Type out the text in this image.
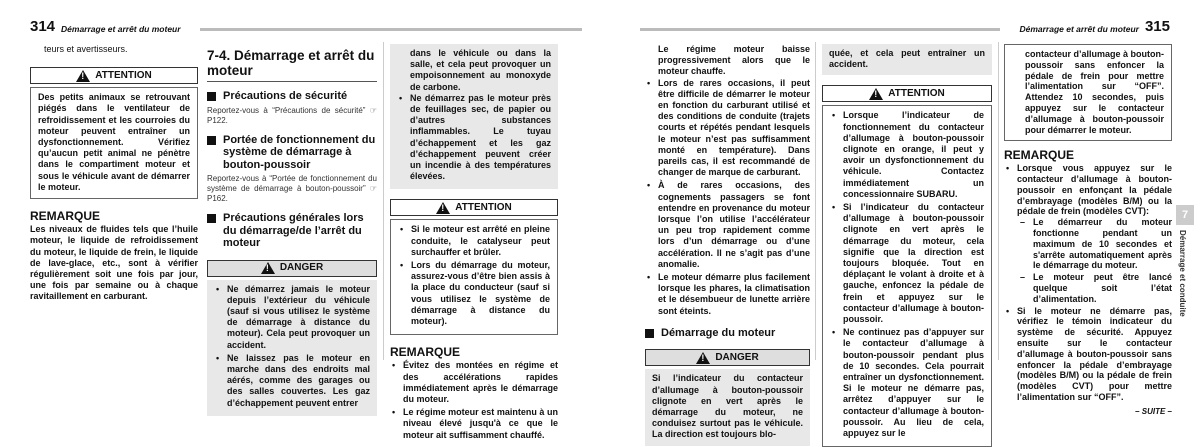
314 Démarrage et arrêt du moteur	Démarrage et arrêt du moteur 315
teurs et avertisseurs.
!
ATTENTION
Des petits animaux se retrouvant piégés dans le ventilateur de refroidissement et les courroies du moteur peuvent entraîner un dysfonctionnement. Vérifiez qu’aucun petit animal ne pénètre dans le compartiment moteur et sous le véhicule avant de démarrer le moteur.
REMARQUE
Les niveaux de fluides tels que l’huile moteur, le liquide de refroidissement du moteur, le liquide de frein, le liquide de lave-glace, etc., sont à vérifier régulièrement soit une fois par jour, une fois par semaine ou à chaque ravitaillement en carburant.
7-4. Démarrage et arrêt du moteur
Précautions de sécurité
Reportez-vous à “Précautions de sécurité” ☞P122.
Portée de fonctionnement du système de démarrage à bouton-poussoir
Reportez-vous à “Portée de fonctionnement du système de démarrage à bouton-poussoir” ☞P162.
Précautions générales lors du démarrage/de l’arrêt du moteur
!
DANGER
• Ne démarrez jamais le moteur depuis l’extérieur du véhicule (sauf si vous utilisez le système de démarrage à distance du moteur). Cela peut provoquer un accident.
• Ne laissez pas le moteur en marche dans des endroits mal aérés, comme des garages ou des salles couvertes. Les gaz d’échappement peuvent entrer
dans le véhicule ou dans la salle, et cela peut provoquer un empoisonnement au monoxyde de carbone.
• Ne démarrez pas le moteur près de feuillages sec, de papier ou d’autres substances inflammables. Le tuyau d’échappement et les gaz d’échappement peuvent créer un incendie à des températures élevées.
!
ATTENTION
• Si le moteur est arrêté en pleine conduite, le catalyseur peut surchauffer et brûler.
• Lors du démarrage du moteur, assurez-vous d’être bien assis à la place du conducteur (sauf si vous utilisez le système de démarrage à distance du moteur).
REMARQUE
• Évitez des montées en régime et des accélérations rapides immédiatement après le démarrage du moteur.
• Le régime moteur est maintenu à un niveau élevé jusqu'à ce que le moteur ait suffisamment chauffé.
Le régime moteur baisse progressivement alors que le moteur chauffe.
• Lors de rares occasions, il peut être difficile de démarrer le moteur en fonction du carburant utilisé et des conditions de conduite (trajets courts et répétés pendant lesquels le moteur n’est pas suffisamment monté en température). Dans pareils cas, il est recommandé de changer de marque de carburant.
• À de rares occasions, des cognements passagers se font entendre en provenance du moteur lorsque l’on utilise l’accélérateur un peu trop rapidement comme lors d’un démarrage ou d’une accélération. Il ne s’agit pas d’une anomalie.
• Le moteur démarre plus facilement lorsque les phares, la climatisation et le désembueur de lunette arrière sont éteints.
Démarrage du moteur
!
DANGER
Si l’indicateur du contacteur d’allumage à bouton-poussoir clignote en vert après le démarrage du moteur, ne conduisez surtout pas le véhicule. La direction est toujours blo-
quée, et cela peut entraîner un accident.
!
ATTENTION
• Lorsque l’indicateur de fonctionnement du contacteur d’allumage à bouton-poussoir clignote en orange, il peut y avoir un dysfonctionnement du véhicule. Contactez immédiatement un concessionnaire SUBARU.
• Si l’indicateur du contacteur d’allumage à bouton-poussoir clignote en vert après le démarrage du moteur, cela signifie que la direction est toujours bloquée. Tout en déplaçant le volant à droite et à gauche, enfoncez la pédale de frein et appuyez sur le contacteur d’allumage à bouton-poussoir.
• Ne continuez pas d’appuyer sur le contacteur d’allumage à bouton-poussoir pendant plus de 10 secondes. Cela pourrait entraîner un dysfonctionnement. Si le moteur ne démarre pas, arrêtez d’appuyer sur le contacteur d’allumage à bouton-poussoir. Au lieu de cela, appuyez sur le
contacteur d’allumage à bouton-poussoir sans enfoncer la pédale de frein pour mettre l’alimentation sur “OFF”. Attendez 10 secondes, puis appuyez sur le contacteur d’allumage à bouton-poussoir pour démarrer le moteur.
REMARQUE
• Lorsque vous appuyez sur le contacteur d’allumage à bouton-poussoir en enfonçant la pédale d’embrayage (modèles B/M) ou la pédale de frein (modèles CVT):
– Le démarreur du moteur fonctionne pendant un maximum de 10 secondes et s'arrête automatiquement après le démarrage du moteur.
– Le moteur peut être lancé quelque soit l’état d’alimentation.
• Si le moteur ne démarre pas, vérifiez le témoin indicateur du système de sécurité. Appuyez ensuite sur le contacteur d’allumage à bouton-poussoir sans enfoncer la pédale d’embrayage (modèles B/M) ou la pédale de frein (modèles CVT) pour mettre l’alimentation sur “OFF”.
– SUITE –
7
Démarrage et conduite
